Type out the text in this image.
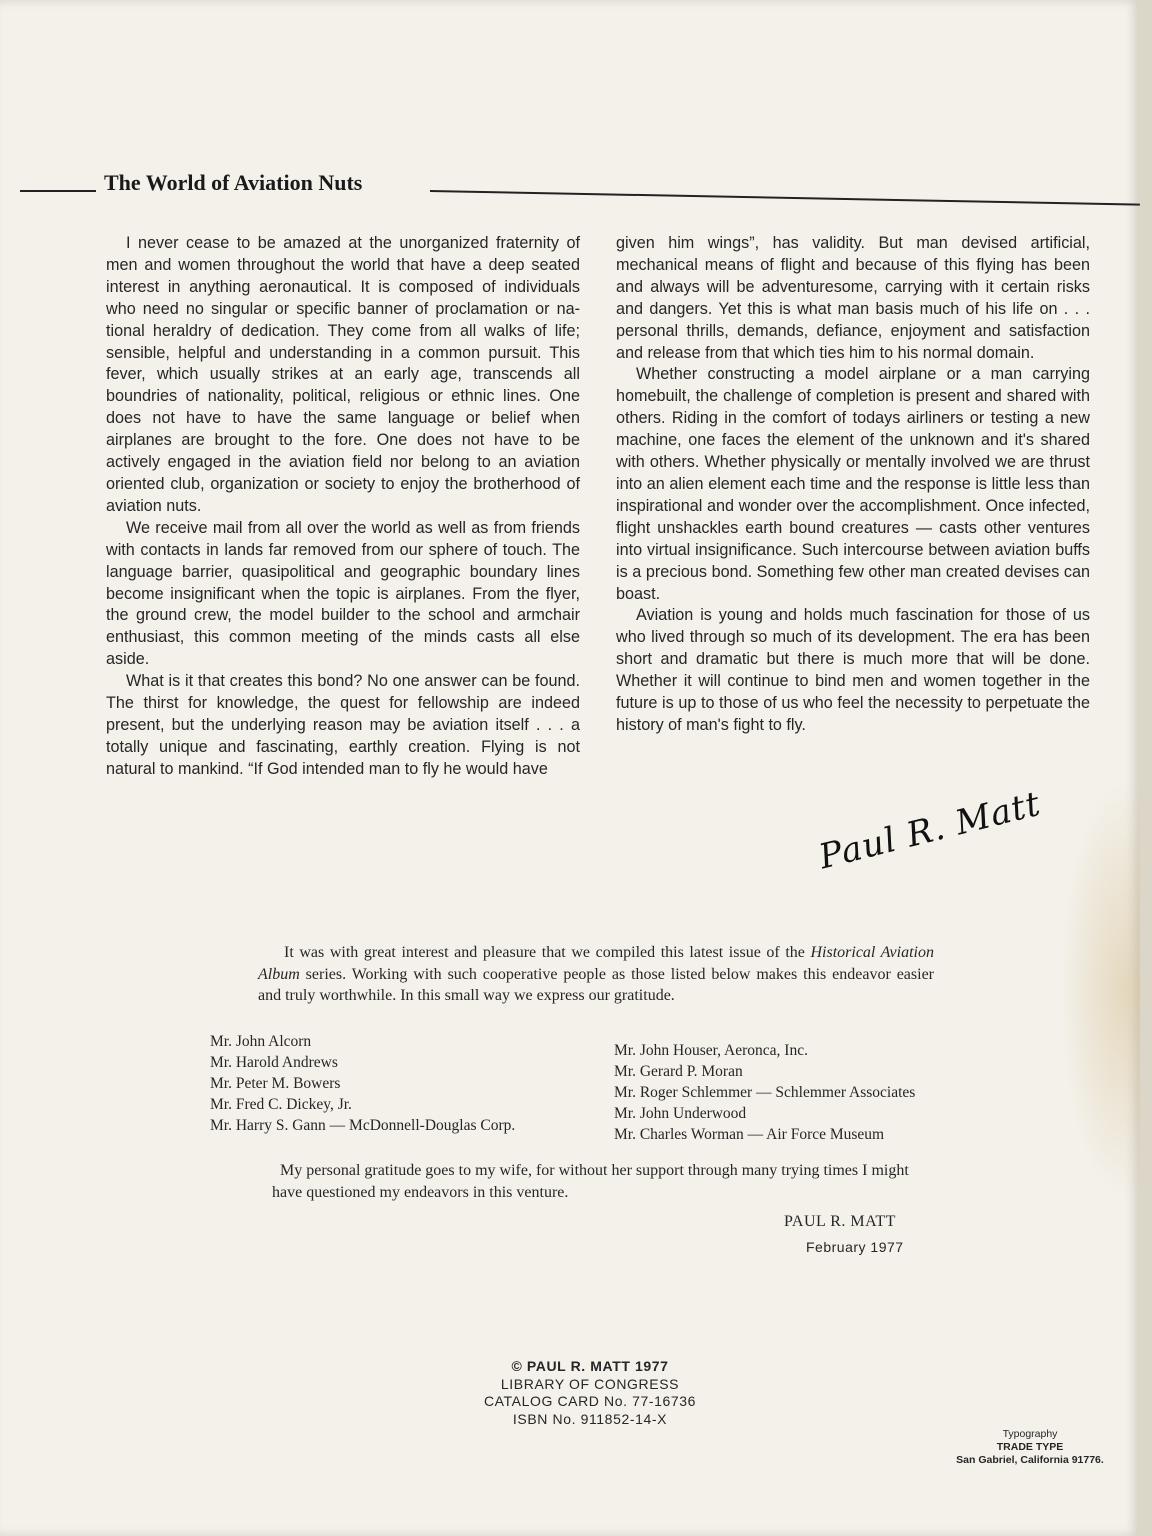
The World of Aviation Nuts

I never cease to be amazed at the unorganized fraternity of men and women throughout the world that have a deep seated interest in anything aeronautical. It is composed of individuals who need no singular or specific banner of proclamation or national heraldry of dedication. They come from all walks of life; sensible, helpful and understanding in a common pursuit. This fever, which usually strikes at an early age, transcends all boundries of nationality, political, religious or ethnic lines. One does not have to have the same language or belief when airplanes are brought to the fore. One does not have to be actively engaged in the aviation field nor belong to an aviation oriented club, organization or society to enjoy the brotherhood of aviation nuts.

We receive mail from all over the world as well as from friends with contacts in lands far removed from our sphere of touch. The language barrier, quasipolitical and geographic boundary lines become insignificant when the topic is airplanes. From the flyer, the ground crew, the model builder to the school and armchair enthusiast, this common meeting of the minds casts all else aside.

What is it that creates this bond? No one answer can be found. The thirst for knowledge, the quest for fellowship are indeed present, but the underlying reason may be aviation itself . . . a totally unique and fascinating, earthly creation. Flying is not natural to mankind. “If God intended man to fly he would have

given him wings”, has validity. But man devised artificial, mechanical means of flight and because of this flying has been and always will be adventuresome, carrying with it certain risks and dangers. Yet this is what man basis much of his life on . . . personal thrills, demands, defiance, enjoyment and satisfaction and release from that which ties him to his normal domain.

Whether constructing a model airplane or a man carrying homebuilt, the challenge of completion is present and shared with others. Riding in the comfort of todays airliners or testing a new machine, one faces the element of the unknown and it's shared with others. Whether physically or mentally involved we are thrust into an alien element each time and the response is little less than inspirational and wonder over the accomplishment. Once infected, flight unshackles earth bound creatures — casts other ventures into virtual insignificance. Such intercourse between aviation buffs is a precious bond. Something few other man created devises can boast.

Aviation is young and holds much fascination for those of us who lived through so much of its development. The era has been short and dramatic but there is much more that will be done. Whether it will continue to bind men and women together in the future is up to those of us who feel the necessity to perpetuate the history of man's fight to fly.

Paul R. Matt

It was with great interest and pleasure that we compiled this latest issue of the Historical Aviation Album series. Working with such cooperative people as those listed below makes this endeavor easier and truly worthwhile. In this small way we express our gratitude.

Mr. John Alcorn
Mr. Harold Andrews
Mr. Peter M. Bowers
Mr. Fred C. Dickey, Jr.
Mr. Harry S. Gann — McDonnell-Douglas Corp.
Mr. John Houser, Aeronca, Inc.
Mr. Gerard P. Moran
Mr. Roger Schlemmer — Schlemmer Associates
Mr. John Underwood
Mr. Charles Worman — Air Force Museum

My personal gratitude goes to my wife, for without her support through many trying times I might have questioned my endeavors in this venture.

PAUL R. MATT

February 1977

© PAUL R. MATT 1977
LIBRARY OF CONGRESS
CATALOG CARD No. 77-16736
ISBN No. 911852-14-X
Typography
TRADE TYPE
San Gabriel, California 91776.
